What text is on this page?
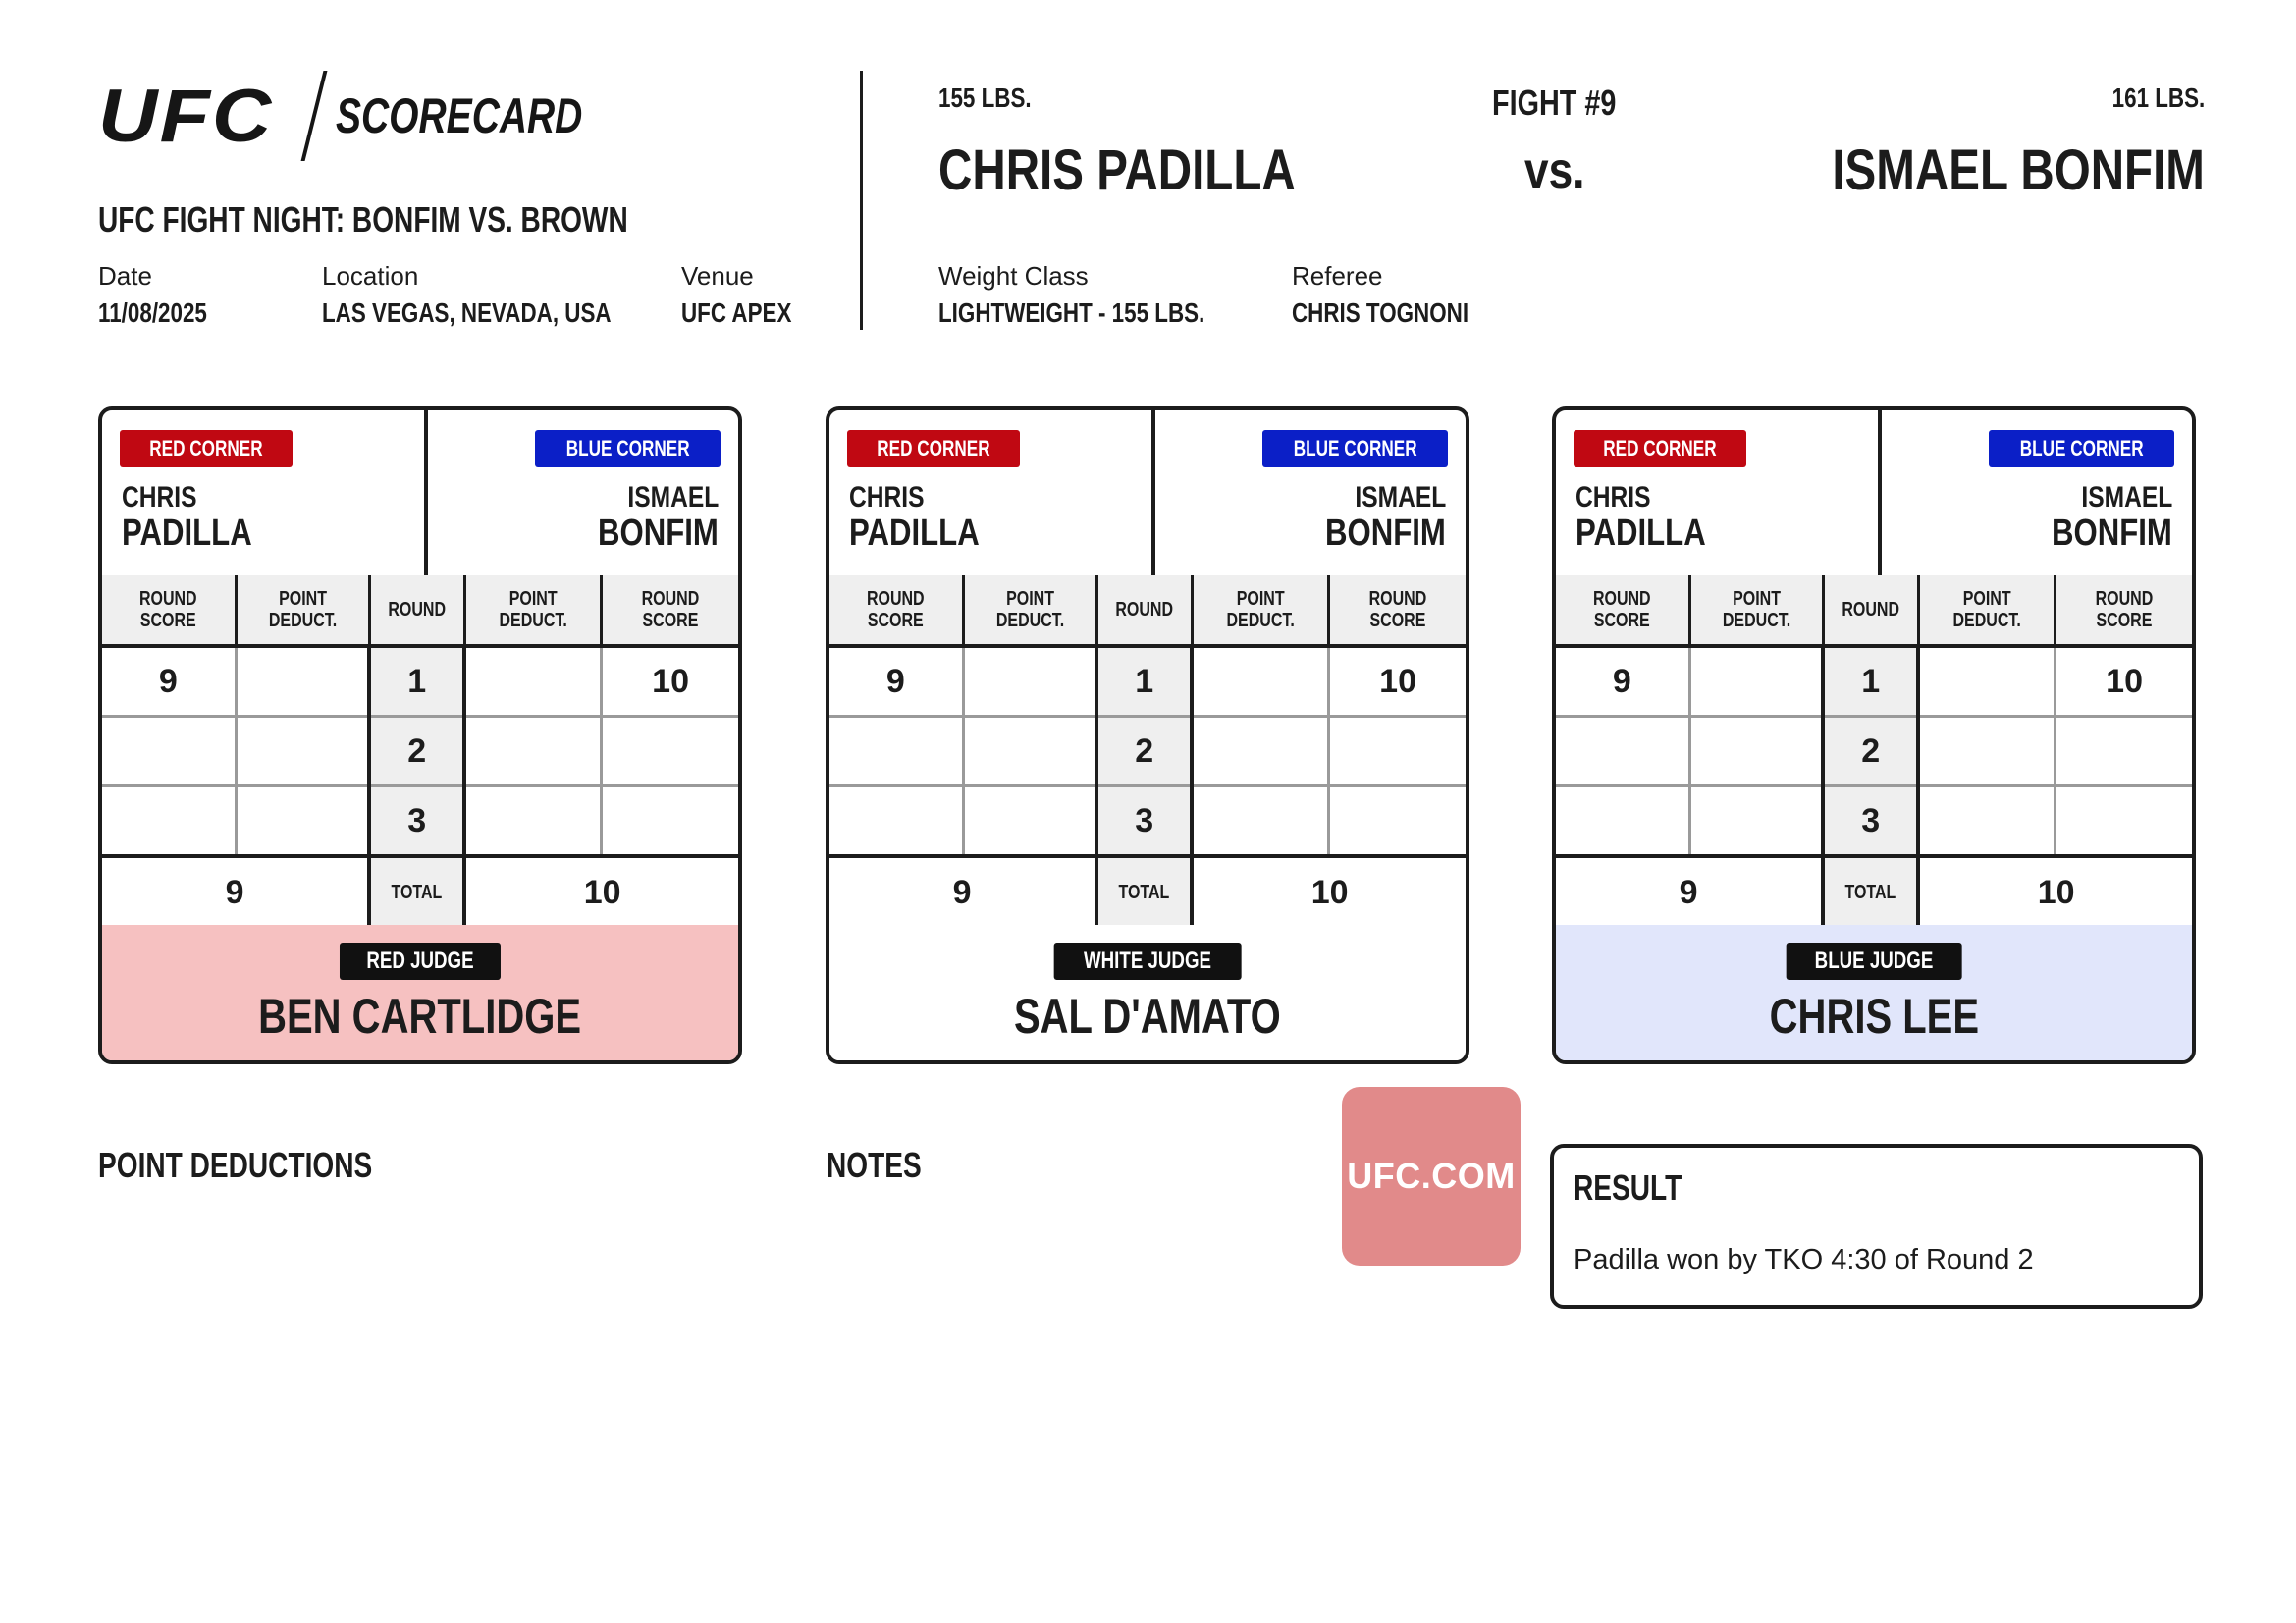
UFC SCORECARD
UFC FIGHT NIGHT: BONFIM VS. BROWN
Date
11/08/2025
Location
LAS VEGAS, NEVADA, USA
Venue
UFC APEX
155 LBS.
CHRIS PADILLA
FIGHT #9
vs.
161 LBS.
ISMAEL BONFIM
Weight Class
LIGHTWEIGHT - 155 LBS.
Referee
CHRIS TOGNONI
RED CORNER	BLUE CORNER
CHRIS
PADILLA
ISMAEL
BONFIM
ROUND SCORE	POINT DEDUCT.	ROUND	POINT DEDUCT.	ROUND SCORE
9		1		10
		2		
		3		
9		TOTAL	10	
RED JUDGE
BEN CARTLIDGE
RED CORNER	BLUE CORNER
CHRIS
PADILLA
ISMAEL
BONFIM
ROUND SCORE	POINT DEDUCT.	ROUND	POINT DEDUCT.	ROUND SCORE
9		1		10
		2		
		3		
9		TOTAL	10	
WHITE JUDGE
SAL D'AMATO
RED CORNER	BLUE CORNER
CHRIS
PADILLA
ISMAEL
BONFIM
ROUND SCORE	POINT DEDUCT.	ROUND	POINT DEDUCT.	ROUND SCORE
9		1		10
		2		
		3		
9		TOTAL	10	
BLUE JUDGE
CHRIS LEE
POINT DEDUCTIONS	NOTES	UFC.COM RESULT
Padilla won by TKO 4:30 of Round 2
